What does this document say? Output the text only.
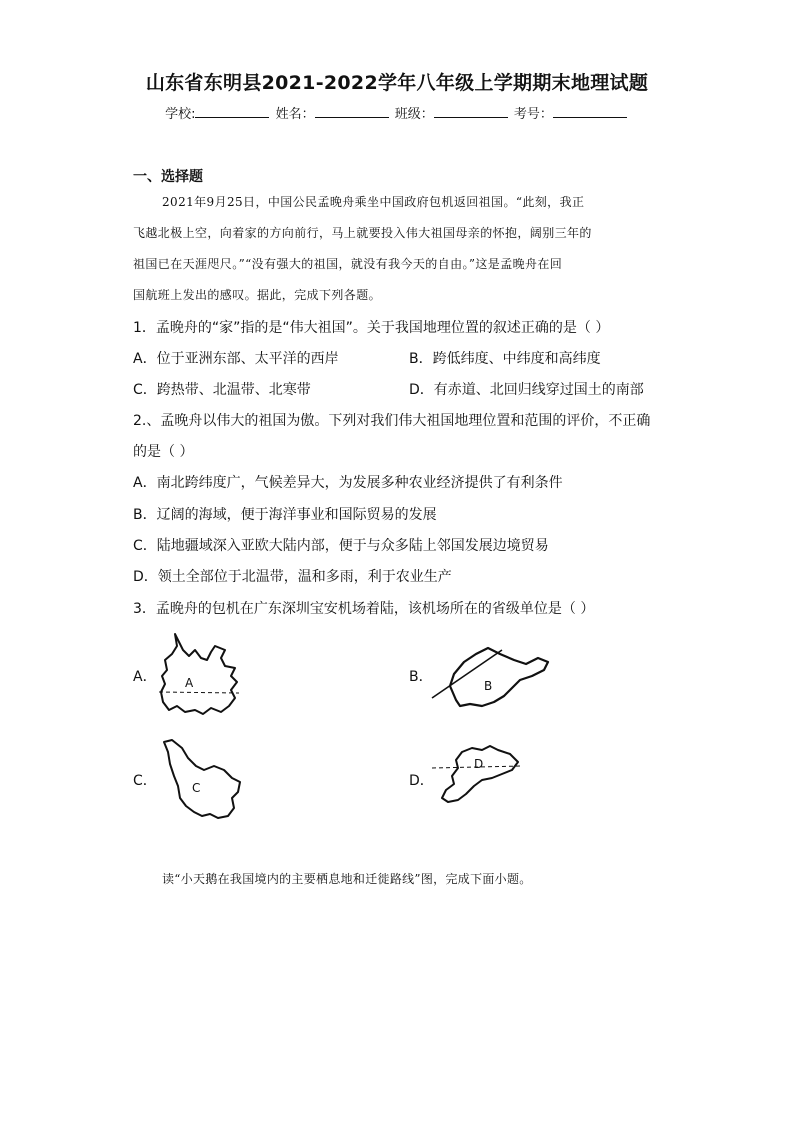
山东省东明县2021-2022学年八年级上学期期末地理试题
学校:	姓名：	班级：	考号：
一、选择题
2021年9月25日，中国公民孟晚舟乘坐中国政府包机返回祖国。“此刻，我正
飞越北极上空，向着家的方向前行，马上就要投入伟大祖国母亲的怀抱，阔别三年的
祖国已在天涯咫尺。”“没有强大的祖国，就没有我今天的自由。”这是孟晚舟在回
国航班上发出的感叹。据此，完成下列各题。
1．孟晚舟的“家”指的是“伟大祖国”。关于我国地理位置的叙述正确的是（ ）
A．位于亚洲东部、太平洋的西岸	B．跨低纬度、中纬度和高纬度
C．跨热带、北温带、北寒带	D．有赤道、北回归线穿过国土的南部
2.、孟晚舟以伟大的祖国为傲。下列对我们伟大祖国地理位置和范围的评价，不正确
的是（ ）
A．南北跨纬度广，气候差异大，为发展多种农业经济提供了有利条件
B．辽阔的海域，便于海洋事业和国际贸易的发展
C．陆地疆域深入亚欧大陆内部，便于与众多陆上邻国发展边境贸易
D．领土全部位于北温带，温和多雨，利于农业生产
3．孟晚舟的包机在广东深圳宝安机场着陆，该机场所在的省级单位是（ ）
A． A	B．
B
C．	C	D．
D
读“小天鹅在我国境内的主要栖息地和迁徙路线”图，完成下面小题。
